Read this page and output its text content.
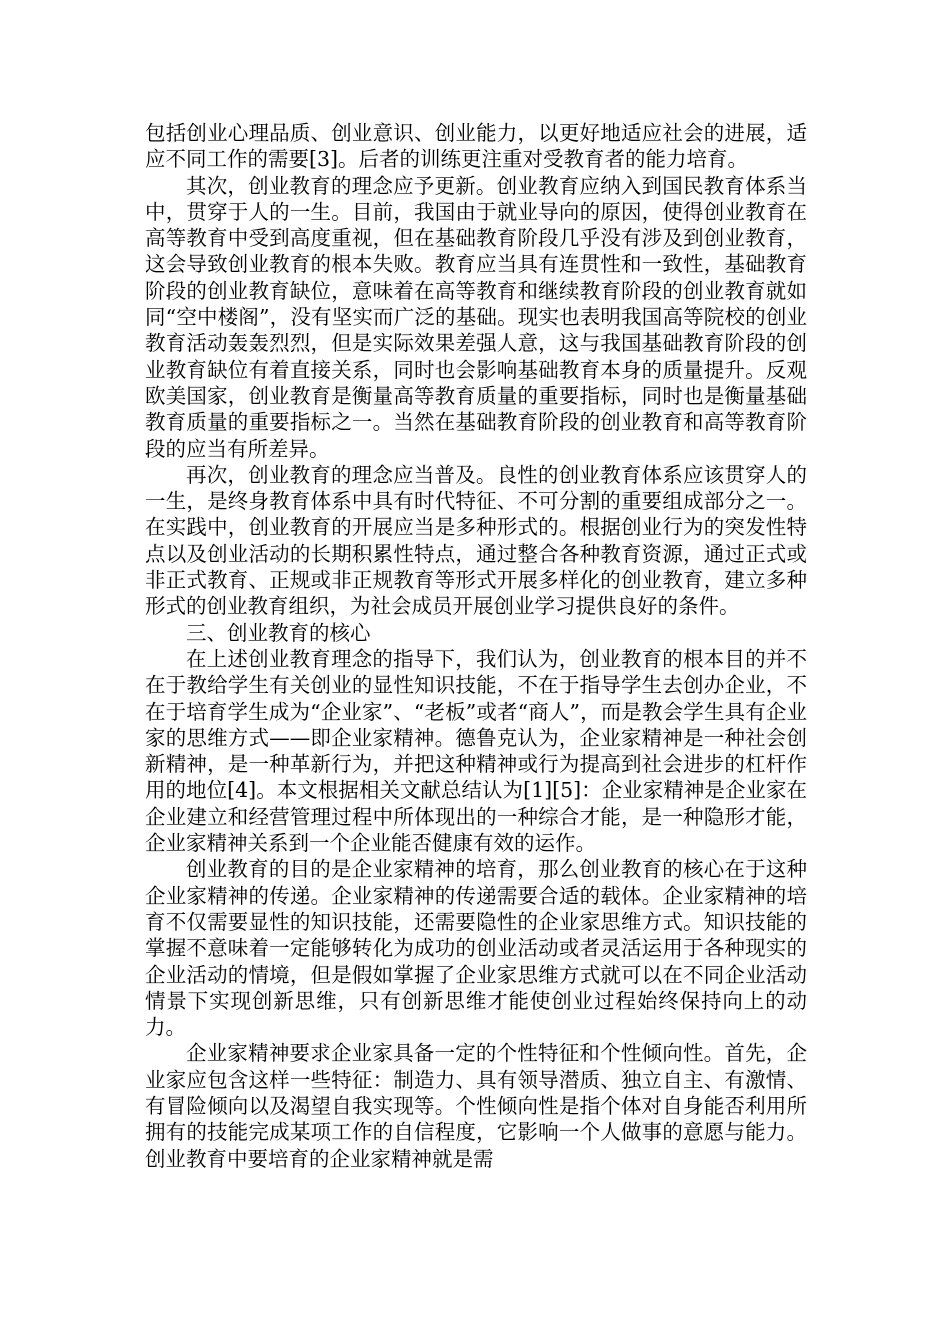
包括创业心理品质、创业意识、创业能力，以更好地适应社会的进展，适应不同工作的需要[3]。后者的训练更注重对受教育者的能力培育。

其次，创业教育的理念应予更新。创业教育应纳入到国民教育体系当中，贯穿于人的一生。目前，我国由于就业导向的原因，使得创业教育在高等教育中受到高度重视，但在基础教育阶段几乎没有涉及到创业教育，这会导致创业教育的根本失败。教育应当具有连贯性和一致性，基础教育阶段的创业教育缺位，意味着在高等教育和继续教育阶段的创业教育就如同“空中楼阁”，没有坚实而广泛的基础。现实也表明我国高等院校的创业教育活动轰轰烈烈，但是实际效果差强人意，这与我国基础教育阶段的创业教育缺位有着直接关系，同时也会影响基础教育本身的质量提升。反观欧美国家，创业教育是衡量高等教育质量的重要指标，同时也是衡量基础教育质量的重要指标之一。当然在基础教育阶段的创业教育和高等教育阶段的应当有所差异。

再次，创业教育的理念应当普及。良性的创业教育体系应该贯穿人的一生，是终身教育体系中具有时代特征、不可分割的重要组成部分之一。在实践中，创业教育的开展应当是多种形式的。根据创业行为的突发性特点以及创业活动的长期积累性特点，通过整合各种教育资源，通过正式或非正式教育、正规或非正规教育等形式开展多样化的创业教育，建立多种形式的创业教育组织，为社会成员开展创业学习提供良好的条件。

三、创业教育的核心

在上述创业教育理念的指导下，我们认为，创业教育的根本目的并不在于教给学生有关创业的显性知识技能，不在于指导学生去创办企业，不在于培育学生成为“企业家”、“老板”或者“商人”，而是教会学生具有企业家的思维方式——即企业家精神。德鲁克认为，企业家精神是一种社会创新精神，是一种革新行为，并把这种精神或行为提高到社会进步的杠杆作用的地位[4]。本文根据相关文献总结认为[1][5]：企业家精神是企业家在企业建立和经营管理过程中所体现出的一种综合才能，是一种隐形才能，企业家精神关系到一个企业能否健康有效的运作。

创业教育的目的是企业家精神的培育，那么创业教育的核心在于这种企业家精神的传递。企业家精神的传递需要合适的载体。企业家精神的培育不仅需要显性的知识技能，还需要隐性的企业家思维方式。知识技能的掌握不意味着一定能够转化为成功的创业活动或者灵活运用于各种现实的企业活动的情境，但是假如掌握了企业家思维方式就可以在不同企业活动情景下实现创新思维，只有创新思维才能使创业过程始终保持向上的动力。

企业家精神要求企业家具备一定的个性特征和个性倾向性。首先，企业家应包含这样一些特征：制造力、具有领导潜质、独立自主、有激情、有冒险倾向以及渴望自我实现等。个性倾向性是指个体对自身能否利用所拥有的技能完成某项工作的自信程度，它影响一个人做事的意愿与能力。创业教育中要培育的企业家精神就是需
